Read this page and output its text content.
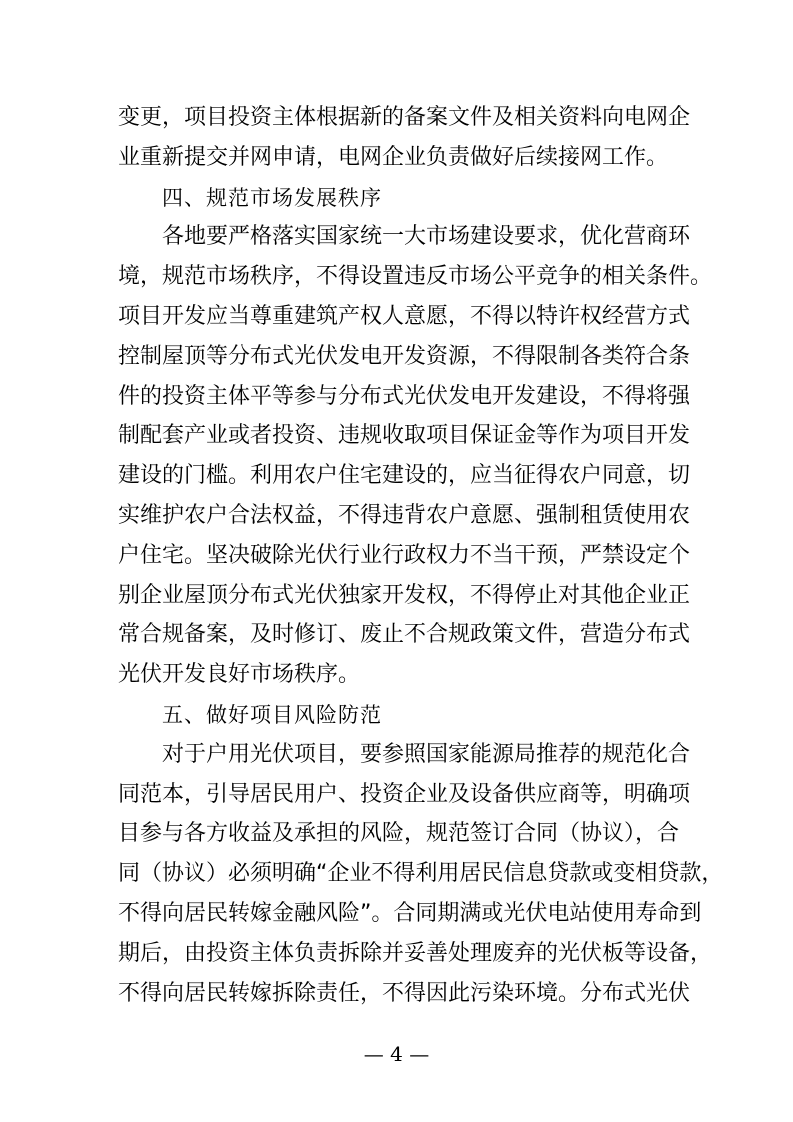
变更，项目投资主体根据新的备案文件及相关资料向电网企
业重新提交并网申请，电网企业负责做好后续接网工作。
四、规范市场发展秩序
各地要严格落实国家统一大市场建设要求，优化营商环
境，规范市场秩序，不得设置违反市场公平竞争的相关条件。
项目开发应当尊重建筑产权人意愿，不得以特许权经营方式
控制屋顶等分布式光伏发电开发资源，不得限制各类符合条
件的投资主体平等参与分布式光伏发电开发建设，不得将强
制配套产业或者投资、违规收取项目保证金等作为项目开发
建设的门槛。利用农户住宅建设的，应当征得农户同意，切
实维护农户合法权益，不得违背农户意愿、强制租赁使用农
户住宅。坚决破除光伏行业行政权力不当干预，严禁设定个
别企业屋顶分布式光伏独家开发权，不得停止对其他企业正
常合规备案，及时修订、废止不合规政策文件，营造分布式
光伏开发良好市场秩序。
五、做好项目风险防范
对于户用光伏项目，要参照国家能源局推荐的规范化合
同范本，引导居民用户、投资企业及设备供应商等，明确项
目参与各方收益及承担的风险，规范签订合同（协议），合
同（协议）必须明确“企业不得利用居民信息贷款或变相贷款，
不得向居民转嫁金融风险”。合同期满或光伏电站使用寿命到
期后，由投资主体负责拆除并妥善处理废弃的光伏板等设备，
不得向居民转嫁拆除责任，不得因此污染环境。分布式光伏
— 4 —
